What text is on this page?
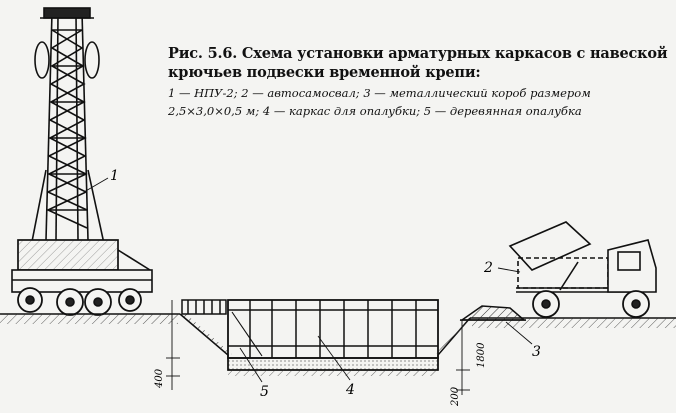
1
2
3
4
5
1800
400
200
Рис. 5.6. Схема установки арматурных каркасов с навеской
крючьев подвески временной крепи:
1 — НПУ-2; 2 — автосамосвал; 3 — металлический короб размером
2,5×3,0×0,5 м; 4 — каркас для опалубки; 5 — деревянная опалубка
